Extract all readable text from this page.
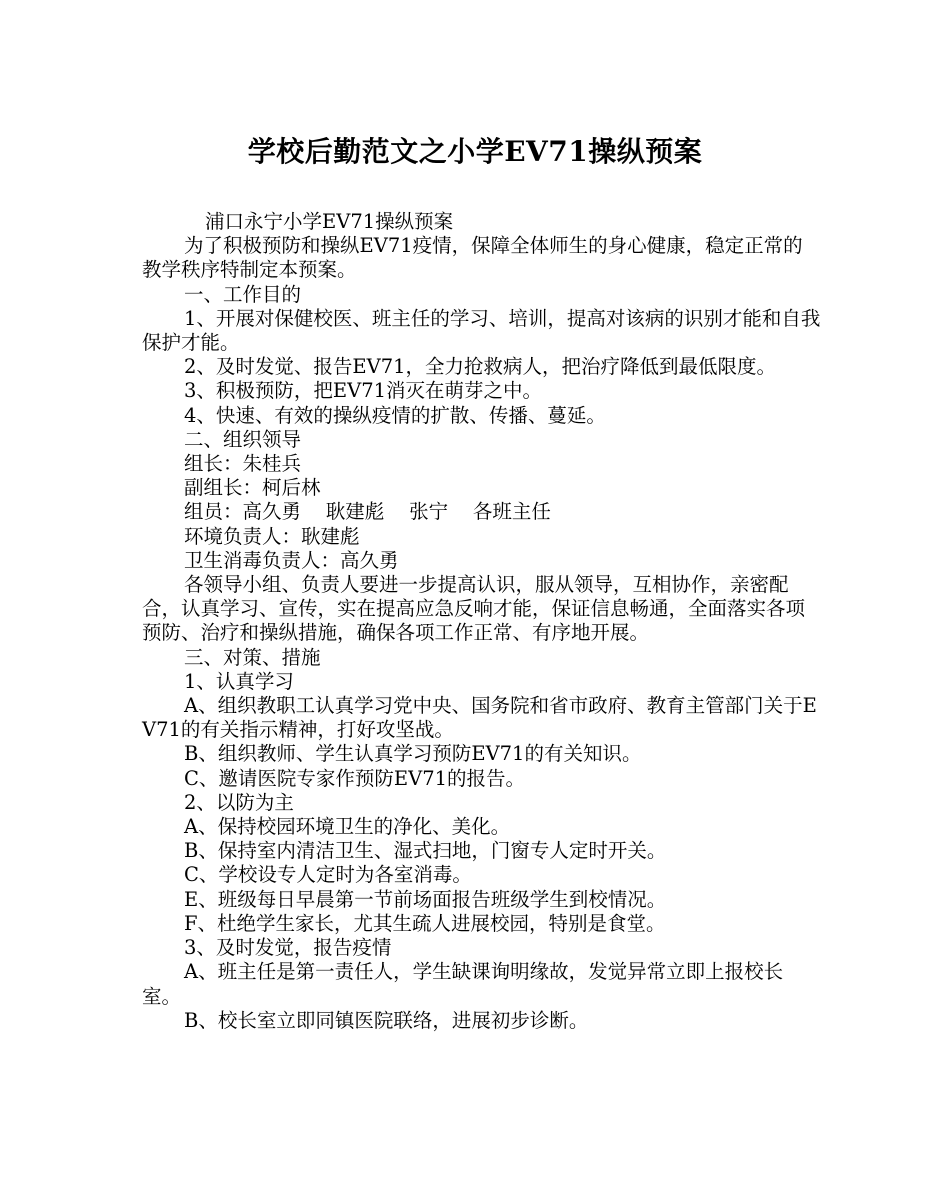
学校后勤范文之小学EV71操纵预案

浦口永宁小学EV71操纵预案

为了积极预防和操纵EV71疫情，保障全体师生的身心健康，稳定正常的教学秩序特制定本预案。

一、工作目的

1、开展对保健校医、班主任的学习、培训，提高对该病的识别才能和自我保护才能。

2、及时发觉、报告EV71，全力抢救病人，把治疗降低到最低限度。

3、积极预防，把EV71消灭在萌芽之中。

4、快速、有效的操纵疫情的扩散、传播、蔓延。

二、组织领导

组长：朱桂兵

副组长：柯后林

组员：高久勇    耿建彪    张宁    各班主任

环境负责人：耿建彪

卫生消毒负责人：高久勇

各领导小组、负责人要进一步提高认识，服从领导，互相协作，亲密配合，认真学习、宣传，实在提高应急反响才能，保证信息畅通，全面落实各项预防、治疗和操纵措施，确保各项工作正常、有序地开展。

三、对策、措施

1、认真学习

A、组织教职工认真学习党中央、国务院和省市政府、教育主管部门关于EV71的有关指示精神，打好攻坚战。

B、组织教师、学生认真学习预防EV71的有关知识。

C、邀请医院专家作预防EV71的报告。

2、以防为主

A、保持校园环境卫生的净化、美化。

B、保持室内清洁卫生、湿式扫地，门窗专人定时开关。

C、学校设专人定时为各室消毒。

E、班级每日早晨第一节前场面报告班级学生到校情况。

F、杜绝学生家长，尤其生疏人进展校园，特别是食堂。

3、及时发觉，报告疫情

A、班主任是第一责任人，学生缺课询明缘故，发觉异常立即上报校长室。

B、校长室立即同镇医院联络，进展初步诊断。
